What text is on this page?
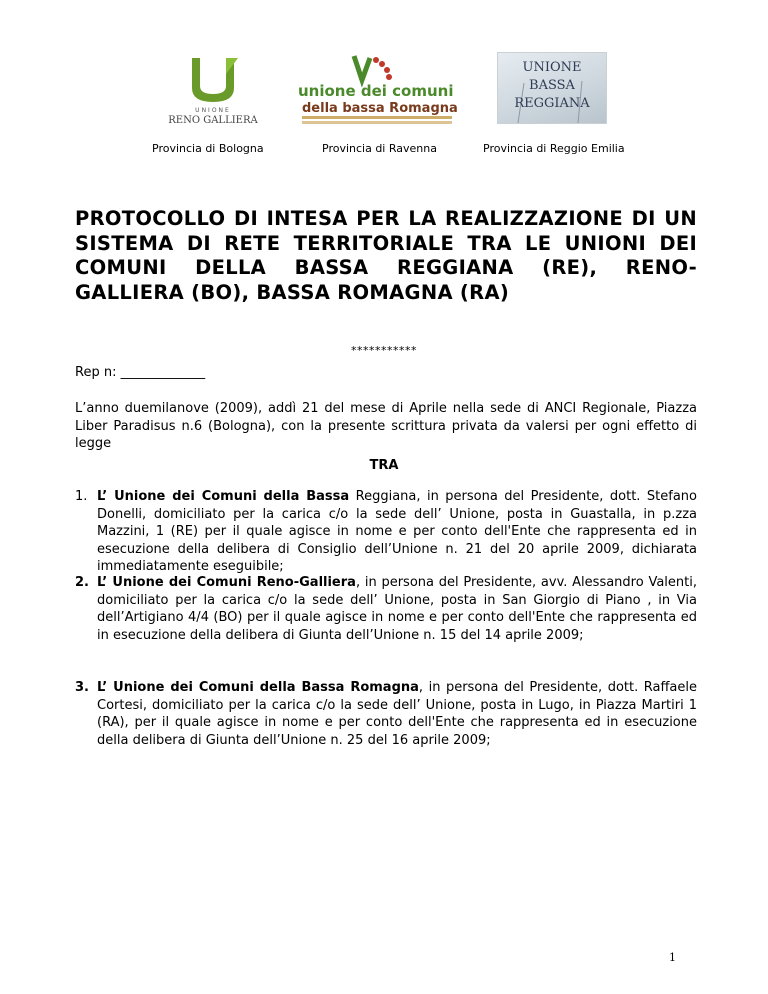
UNIONE
RENO GALLIERA
unione dei comuni
della bassa Romagna
UNIONE
BASSA
REGGIANA
Provincia di Bologna	Provincia di Ravenna	Provincia di Reggio Emilia
PROTOCOLLO DI INTESA PER LA REALIZZAZIONE DI UN SISTEMA DI RETE TERRITORIALE TRA LE UNIONI DEI COMUNI DELLA BASSA REGGIANA (RE), RENO-GALLIERA (BO), BASSA ROMAGNA (RA)
***********
Rep n: _____________
L’anno duemilanove (2009), addì 21 del mese di Aprile nella sede di ANCI Regionale, Piazza Liber Paradisus n.6 (Bologna), con la presente scrittura privata da valersi per ogni effetto di legge
TRA
1. L’ Unione dei Comuni della Bassa Reggiana, in persona del Presidente, dott. Stefano Donelli, domiciliato per la carica c/o la sede dell’ Unione, posta in Guastalla, in p.zza Mazzini, 1 (RE) per il quale agisce in nome e per conto dell'Ente che rappresenta ed in esecuzione della delibera di Consiglio dell’Unione n. 21 del 20 aprile 2009, dichiarata immediatamente eseguibile;
2. L’ Unione dei Comuni Reno-Galliera, in persona del Presidente, avv. Alessandro Valenti, domiciliato per la carica c/o la sede dell’ Unione, posta in San Giorgio di Piano , in Via dell’Artigiano 4/4 (BO) per il quale agisce in nome e per conto dell'Ente che rappresenta ed in esecuzione della delibera di Giunta dell’Unione n. 15 del 14 aprile 2009;
3. L’ Unione dei Comuni della Bassa Romagna, in persona del Presidente, dott. Raffaele Cortesi, domiciliato per la carica c/o la sede dell’ Unione, posta in Lugo, in Piazza Martiri 1 (RA), per il quale agisce in nome e per conto dell'Ente che rappresenta ed in esecuzione della delibera di Giunta dell’Unione n. 25 del 16 aprile 2009;
1
